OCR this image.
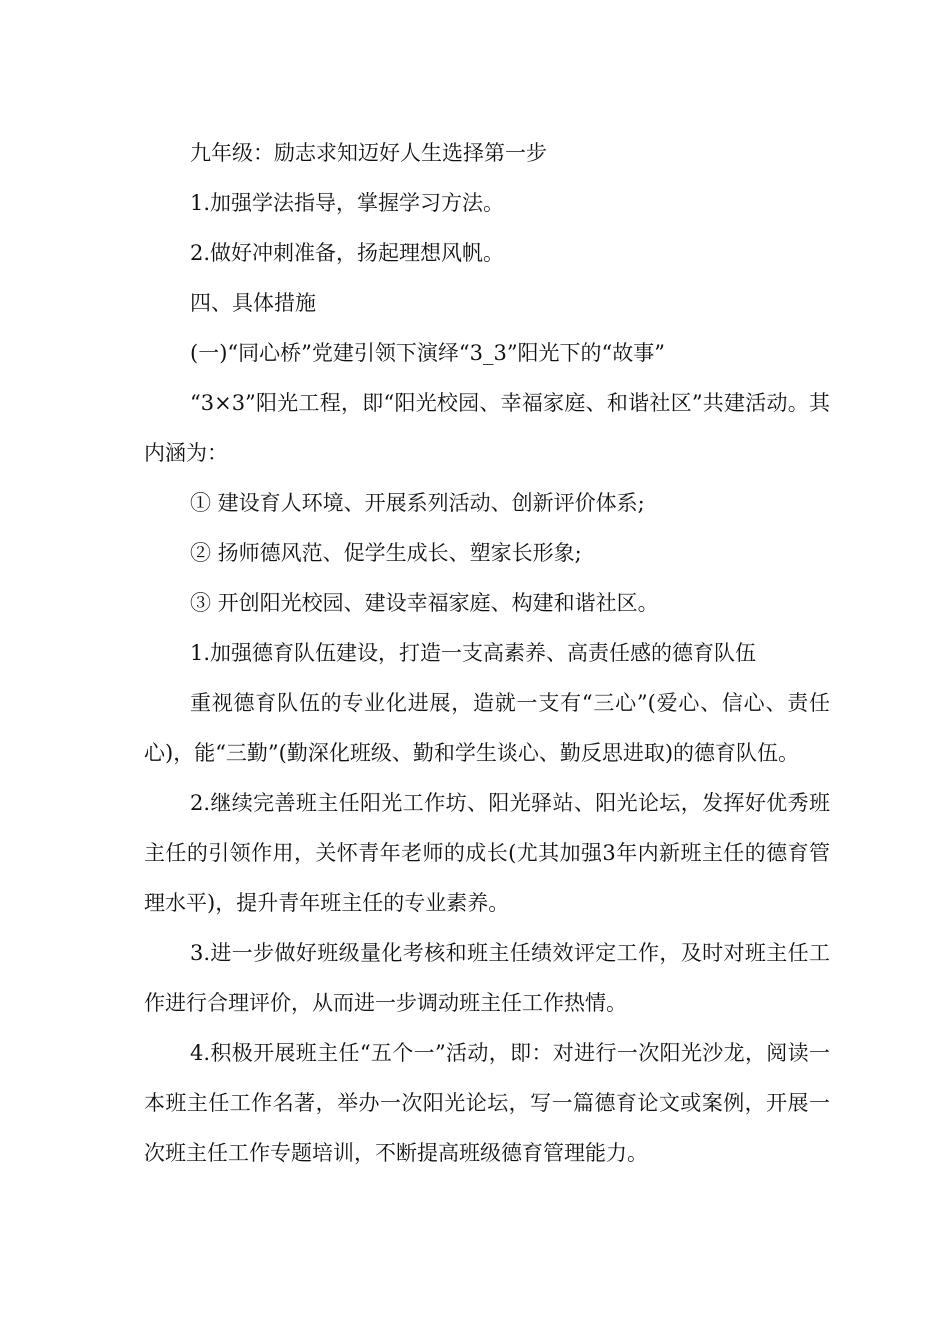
九年级：励志求知迈好人生选择第一步

1.加强学法指导，掌握学习方法。

2.做好冲刺准备，扬起理想风帆。

四、具体措施

(一)“同心桥”党建引领下演绎“3_3”阳光下的“故事”

“3×3”阳光工程，即“阳光校园、幸福家庭、和谐社区”共建活动。其内涵为：

① 建设育人环境、开展系列活动、创新评价体系;

② 扬师德风范、促学生成长、塑家长形象;

③ 开创阳光校园、建设幸福家庭、构建和谐社区。

1.加强德育队伍建设，打造一支高素养、高责任感的德育队伍

重视德育队伍的专业化进展，造就一支有“三心”(爱心、信心、责任心)，能“三勤”(勤深化班级、勤和学生谈心、勤反思进取)的德育队伍。

2.继续完善班主任阳光工作坊、阳光驿站、阳光论坛，发挥好优秀班主任的引领作用，关怀青年老师的成长(尤其加强3年内新班主任的德育管理水平)，提升青年班主任的专业素养。

3.进一步做好班级量化考核和班主任绩效评定工作，及时对班主任工作进行合理评价，从而进一步调动班主任工作热情。

4.积极开展班主任“五个一”活动，即：对进行一次阳光沙龙，阅读一本班主任工作名著，举办一次阳光论坛，写一篇德育论文或案例，开展一次班主任工作专题培训，不断提高班级德育管理能力。
